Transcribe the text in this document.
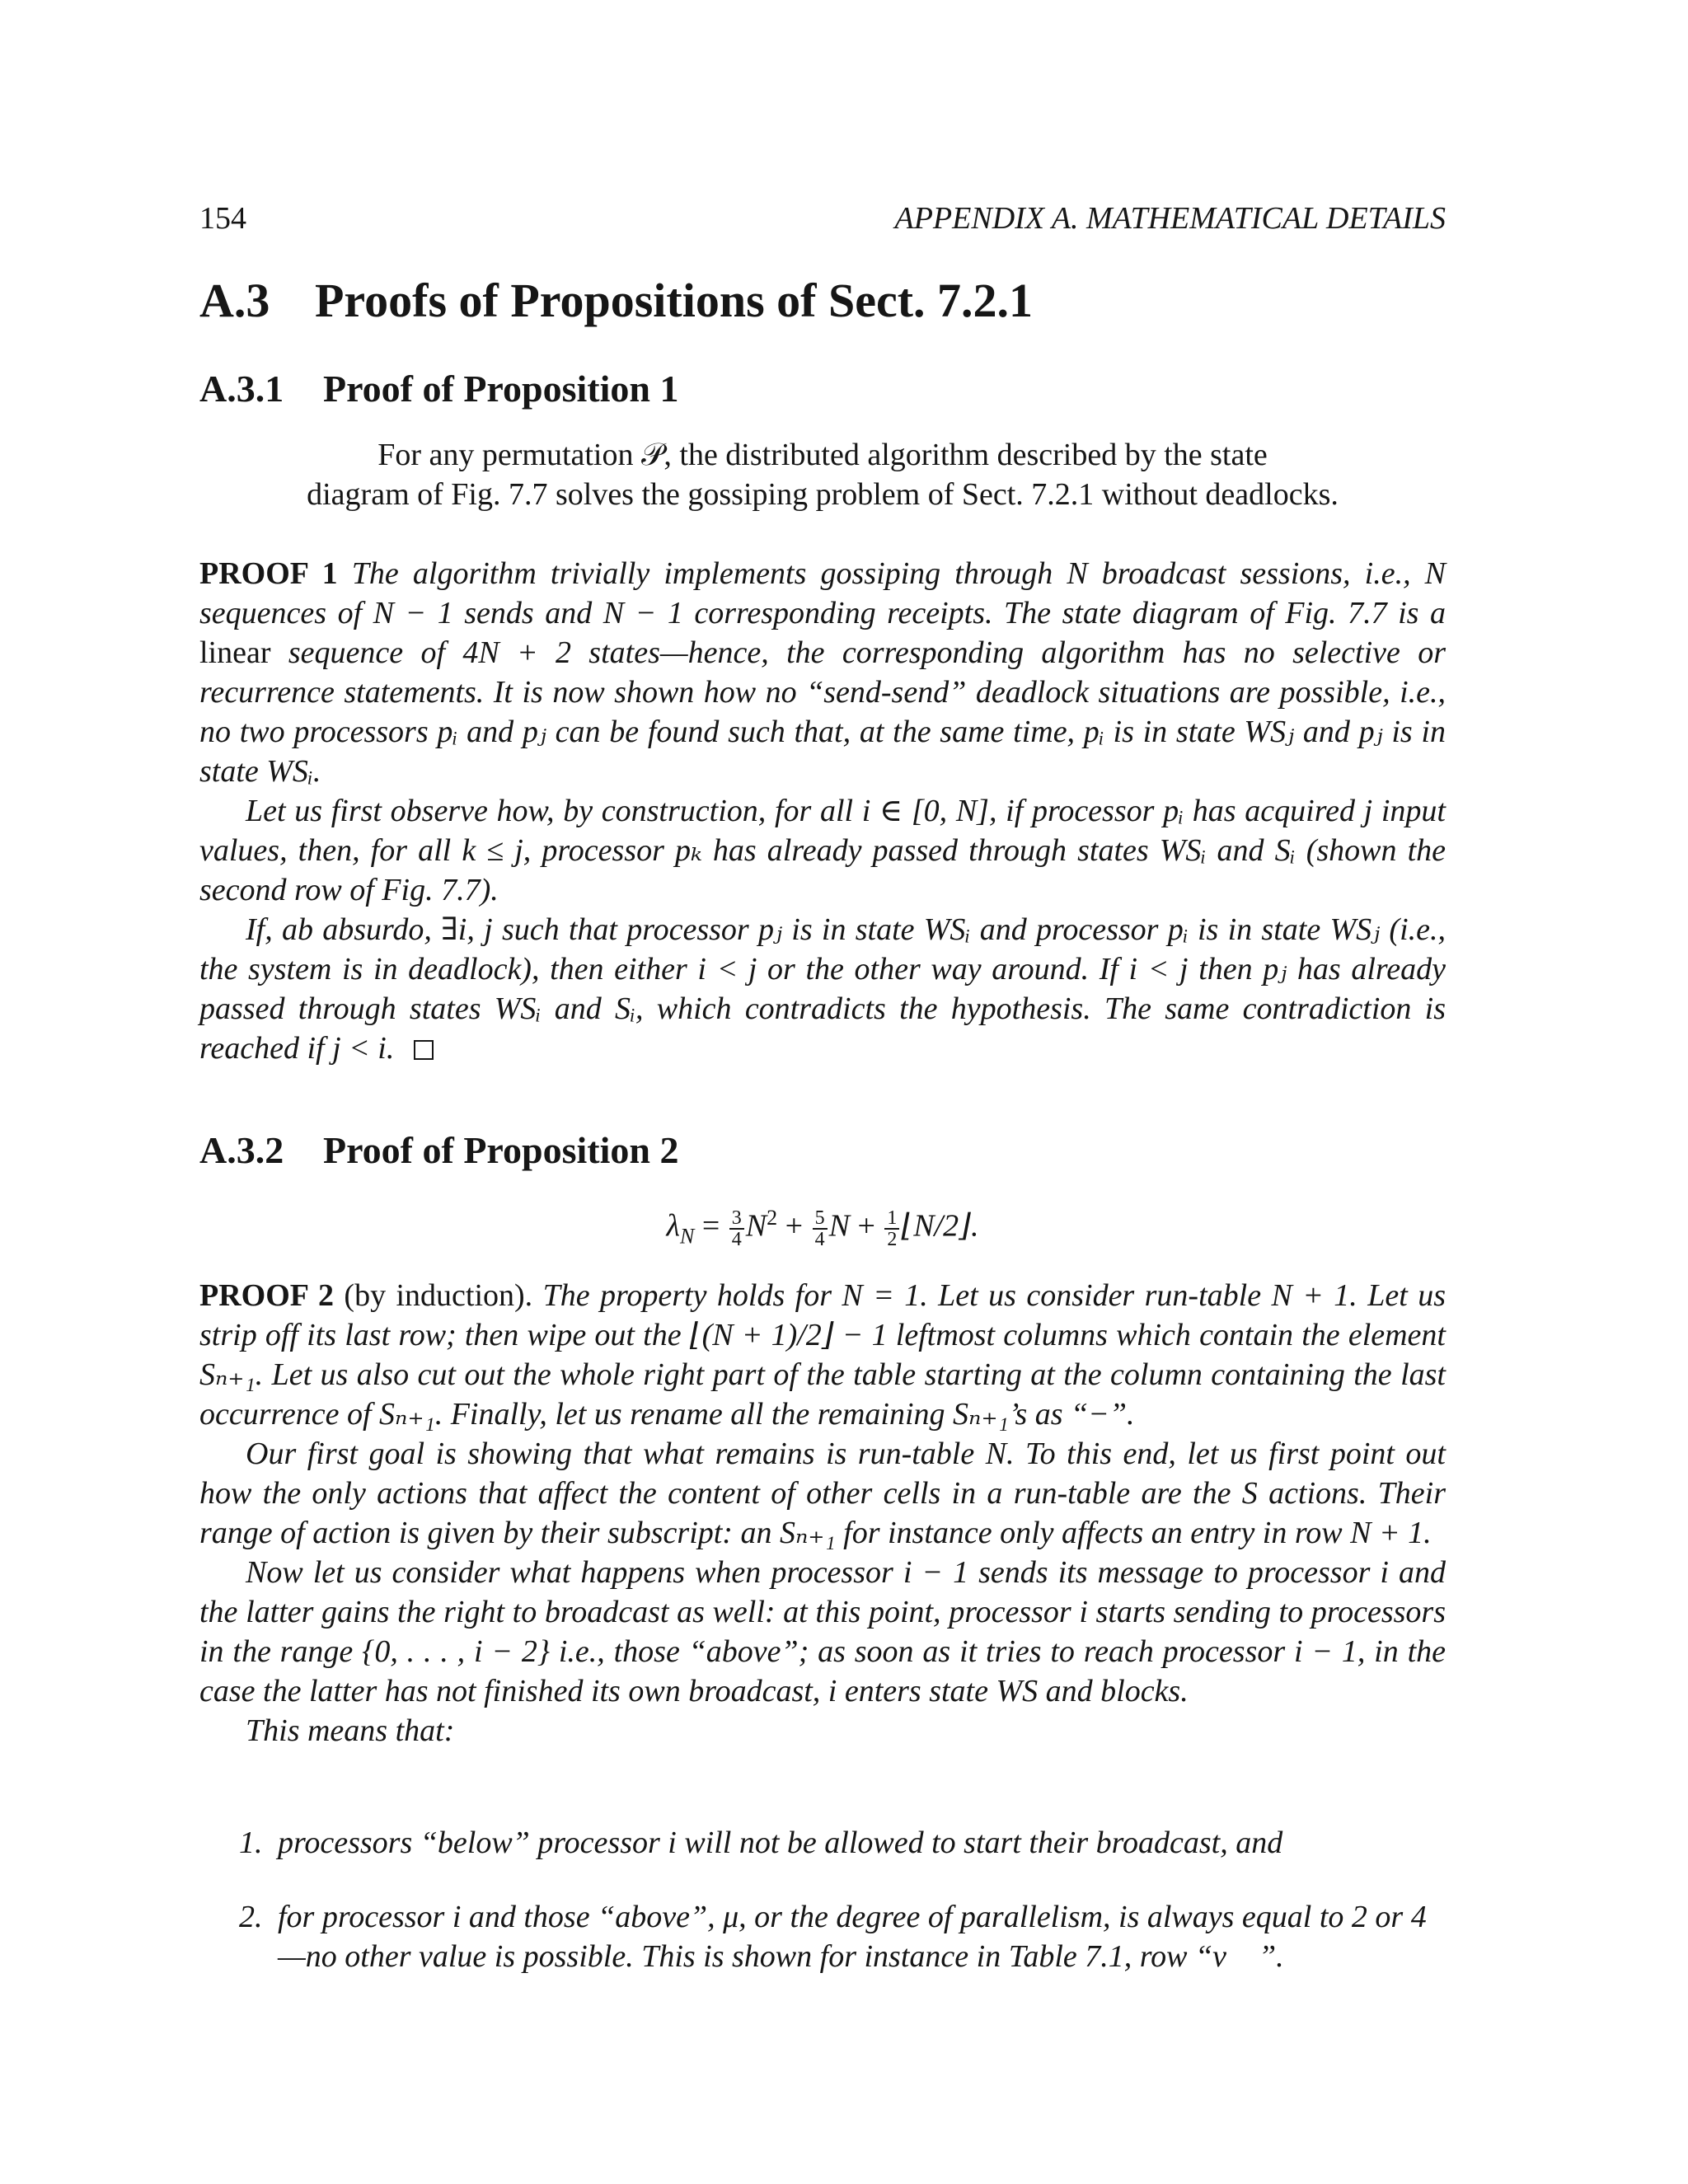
154	APPENDIX A. MATHEMATICAL DETAILS
A.3 Proofs of Propositions of Sect. 7.2.1
A.3.1 Proof of Proposition 1
For any permutation 𝒫, the distributed algorithm described by the state
diagram of Fig. 7.7 solves the gossiping problem of Sect. 7.2.1 without deadlocks.

PROOF 1 The algorithm trivially implements gossiping through N broadcast sessions, i.e., N sequences of N − 1 sends and N − 1 corresponding receipts. The state diagram of Fig. 7.7 is a linear sequence of 4N + 2 states—hence, the corresponding algorithm has no selective or recurrence statements. It is now shown how no “send-send” deadlock situations are possible, i.e., no two processors pᵢ and pⱼ can be found such that, at the same time, pᵢ is in state WSⱼ and pⱼ is in state WSᵢ.

Let us first observe how, by construction, for all i ∈ [0, N], if processor pᵢ has acquired j input values, then, for all k ≤ j, processor pₖ has already passed through states WSᵢ and Sᵢ (shown the second row of Fig. 7.7).

If, ab absurdo, ∃i, j such that processor pⱼ is in state WSᵢ and processor pᵢ is in state WSⱼ (i.e., the system is in deadlock), then either i < j or the other way around. If i < j then pⱼ has already passed through states WSᵢ and Sᵢ, which contradicts the hypothesis. The same contradiction is reached if j < i.

A.3.2 Proof of Proposition 2
$\lambda_N = \frac{3}{4} N^2 + \frac{5}{4}$ $N + \frac{1}{2}$ ⌊N/2⌋.

PROOF 2 (by induction). The property holds for N = 1. Let us consider run-table N + 1. Let us strip off its last row; then wipe out the ⌊(N + 1)/2⌋ − 1 leftmost columns which contain the element Sₙ₊₁. Let us also cut out the whole right part of the table starting at the column containing the last occurrence of Sₙ₊₁. Finally, let us rename all the remaining Sₙ₊₁’s as “−”.

Our first goal is showing that what remains is run-table N. To this end, let us first point out how the only actions that affect the content of other cells in a run-table are the S actions. Their range of action is given by their subscript: an Sₙ₊₁ for instance only affects an entry in row N + 1.

Now let us consider what happens when processor i − 1 sends its message to processor i and the latter gains the right to broadcast as well: at this point, processor i starts sending to processors in the range {0, . . . , i − 2} i.e., those “above”; as soon as it tries to reach processor i − 1, in the case the latter has not finished its own broadcast, i enters state WS and blocks.

This means that:

1. processors “below” processor i will not be allowed to start their broadcast, and
2. for processor i and those “above”, μ, or the degree of parallelism, is always equal to 2 or 4—no other value is possible. This is shown for instance in Table 7.1, row “ν⃗ ”.
